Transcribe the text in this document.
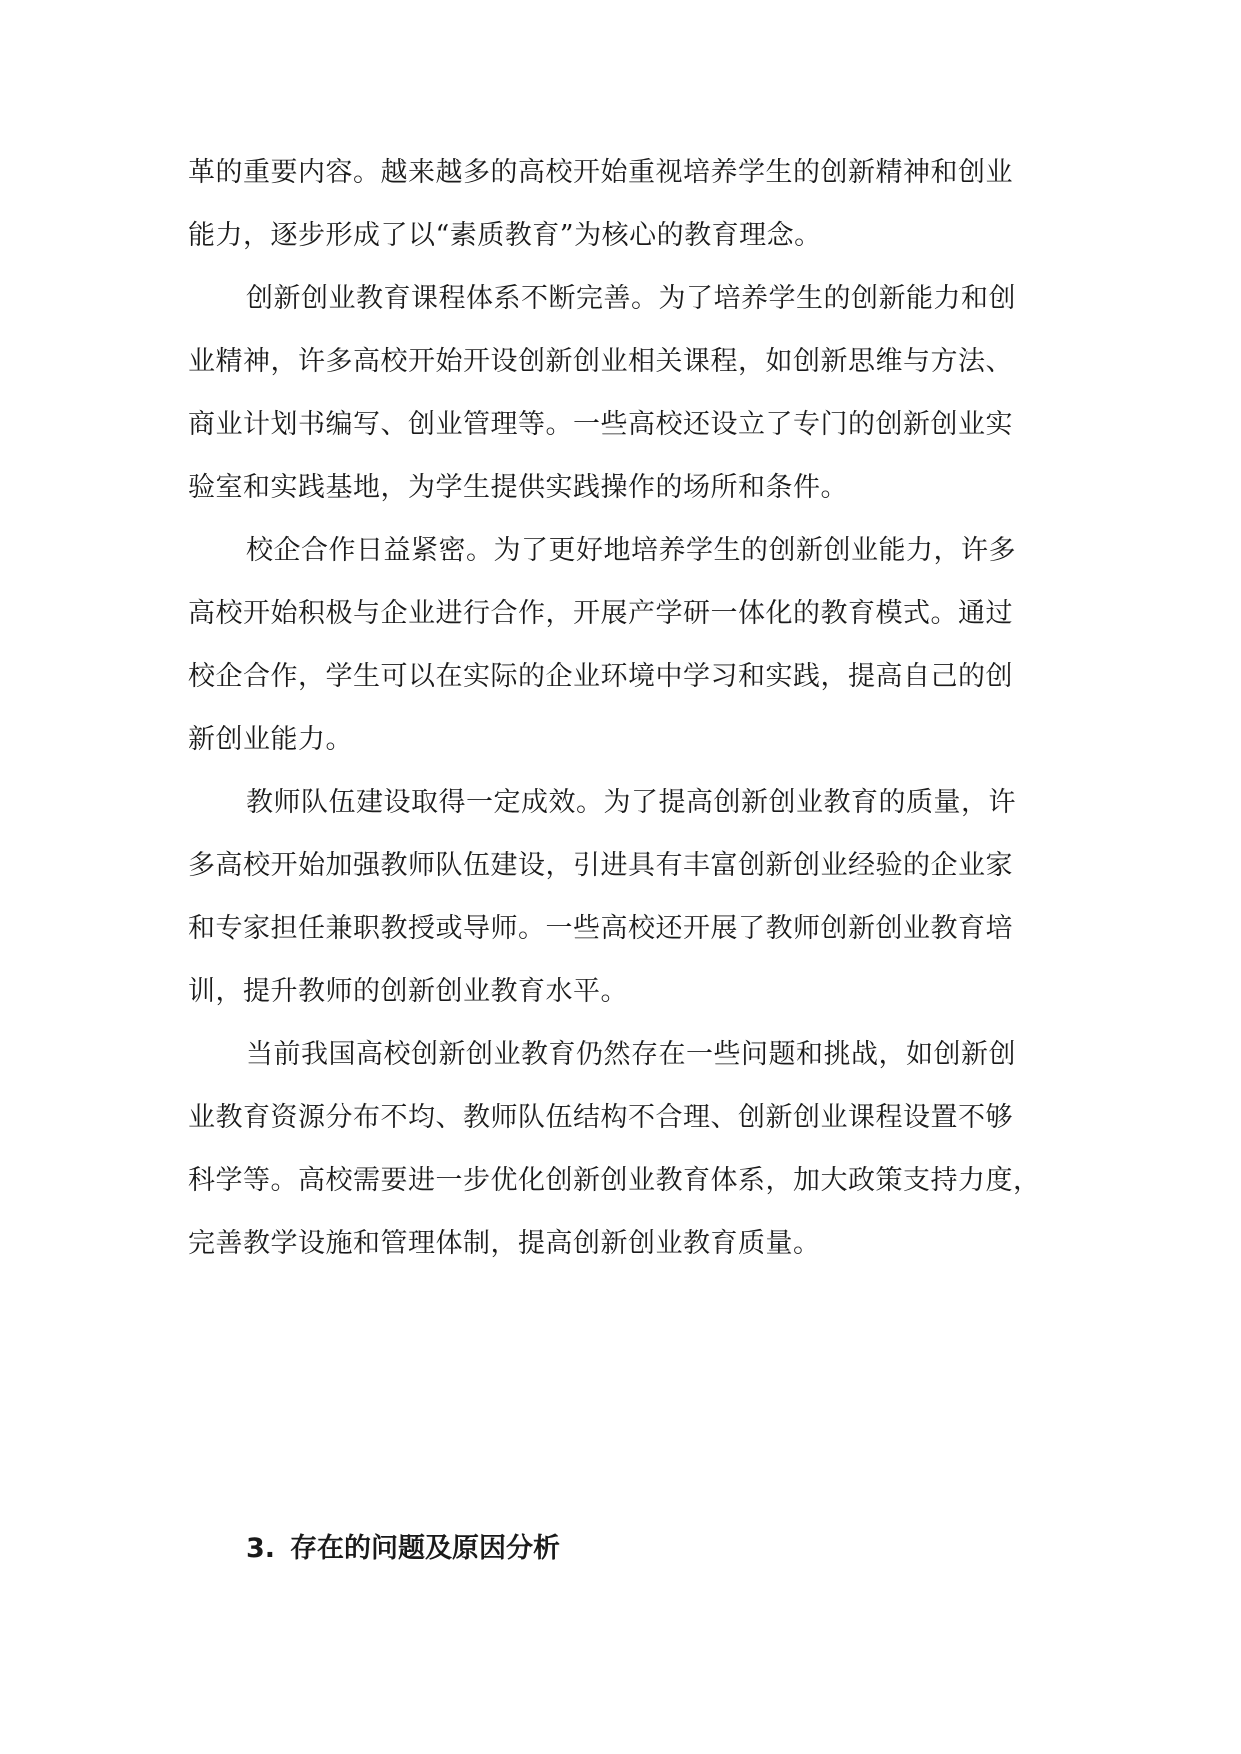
革的重要内容。越来越多的高校开始重视培养学生的创新精神和创业
能力，逐步形成了以“素质教育”为核心的教育理念。
创新创业教育课程体系不断完善。为了培养学生的创新能力和创
业精神，许多高校开始开设创新创业相关课程，如创新思维与方法、
商业计划书编写、创业管理等。一些高校还设立了专门的创新创业实
验室和实践基地，为学生提供实践操作的场所和条件。
校企合作日益紧密。为了更好地培养学生的创新创业能力，许多
高校开始积极与企业进行合作，开展产学研一体化的教育模式。通过
校企合作，学生可以在实际的企业环境中学习和实践，提高自己的创
新创业能力。
教师队伍建设取得一定成效。为了提高创新创业教育的质量，许
多高校开始加强教师队伍建设，引进具有丰富创新创业经验的企业家
和专家担任兼职教授或导师。一些高校还开展了教师创新创业教育培
训，提升教师的创新创业教育水平。
当前我国高校创新创业教育仍然存在一些问题和挑战，如创新创
业教育资源分布不均、教师队伍结构不合理、创新创业课程设置不够
科学等。高校需要进一步优化创新创业教育体系，加大政策支持力度，
完善教学设施和管理体制，提高创新创业教育质量。
3. 存在的问题及原因分析
